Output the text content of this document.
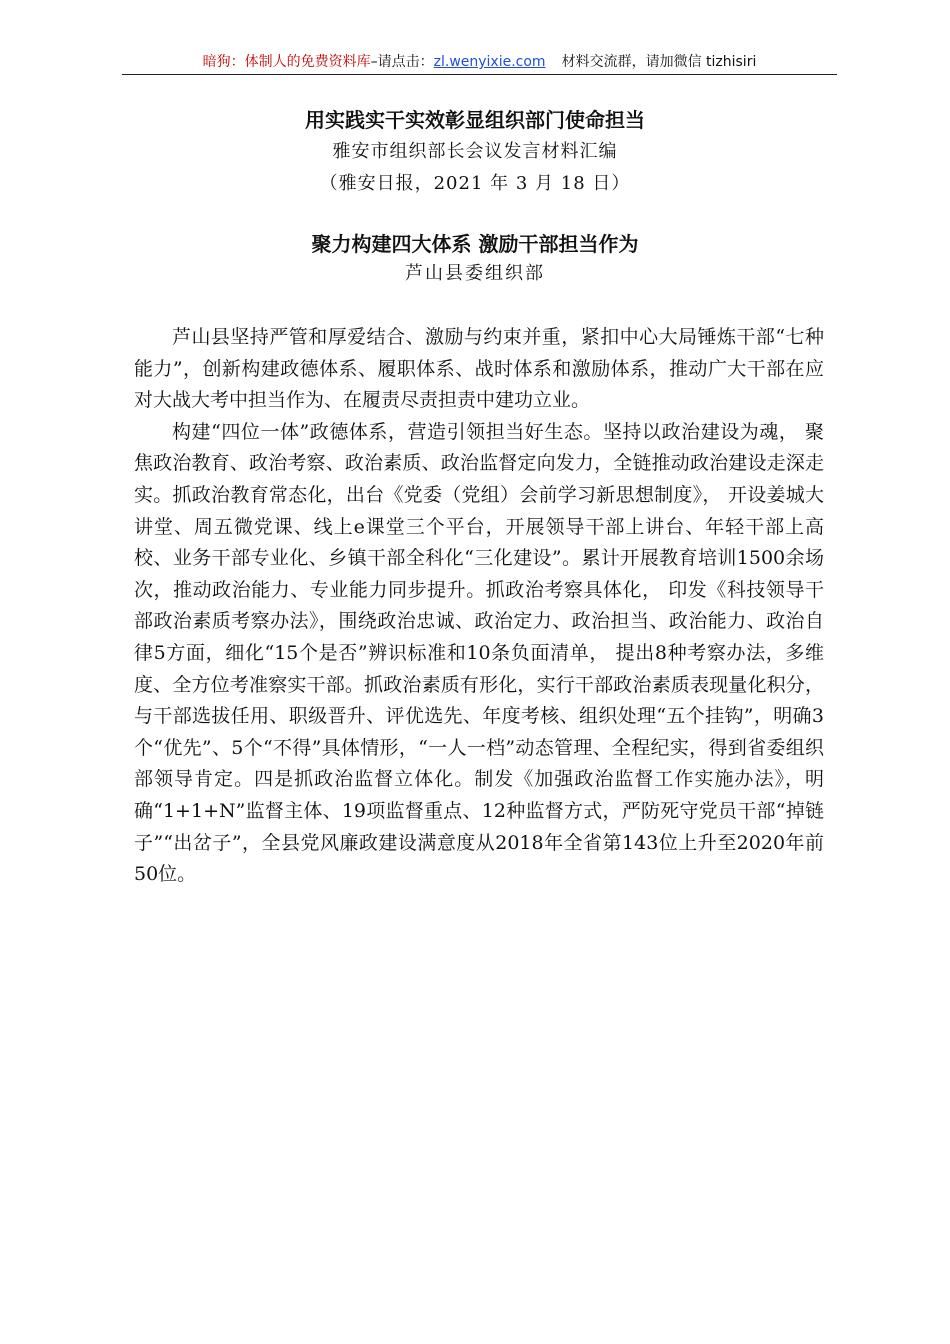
暗狗：体制人的免费资料库–请点击：zl.wenyixie.com 材料交流群，请加微信 tizhisiri
用实践实干实效彰显组织部门使命担当
雅安市组织部长会议发言材料汇编
（雅安日报，2021 年 3 月 18 日）
聚力构建四大体系 激励干部担当作为
芦山县委组织部

芦山县坚持严管和厚爱结合、激励与约束并重，紧扣中心大局锤炼干部“七种能力”，创新构建政德体系、履职体系、战时体系和激励体系，推动广大干部在应对大战大考中担当作为、在履责尽责担责中建功立业。

构建“四位一体”政德体系，营造引领担当好生态。坚持以政治建设为魂， 聚焦政治教育、政治考察、政治素质、政治监督定向发力，全链推动政治建设走深走实。抓政治教育常态化，出台《党委（党组）会前学习新思想制度》， 开设姜城大讲堂、周五微党课、线上e课堂三个平台，开展领导干部上讲台、年轻干部上高校、业务干部专业化、乡镇干部全科化“三化建设”。累计开展教育培训1500余场次，推动政治能力、专业能力同步提升。抓政治考察具体化， 印发《科技领导干部政治素质考察办法》，围绕政治忠诚、政治定力、政治担当、政治能力、政治自律5方面，细化“15个是否”辨识标准和10条负面清单， 提出8种考察办法，多维度、全方位考准察实干部。抓政治素质有形化，实行干部政治素质表现量化积分，与干部选拔任用、职级晋升、评优选先、年度考核、组织处理“五个挂钩”，明确3个“优先”、5个“不得”具体情形，“一人一档”动态管理、全程纪实，得到省委组织部领导肯定。四是抓政治监督立体化。制发《加强政治监督工作实施办法》，明确“1+1+N”监督主体、19项监督重点、12种监督方式，严防死守党员干部“掉链子”“出岔子”，全县党风廉政建设满意度从2018年全省第143位上升至2020年前50位。
